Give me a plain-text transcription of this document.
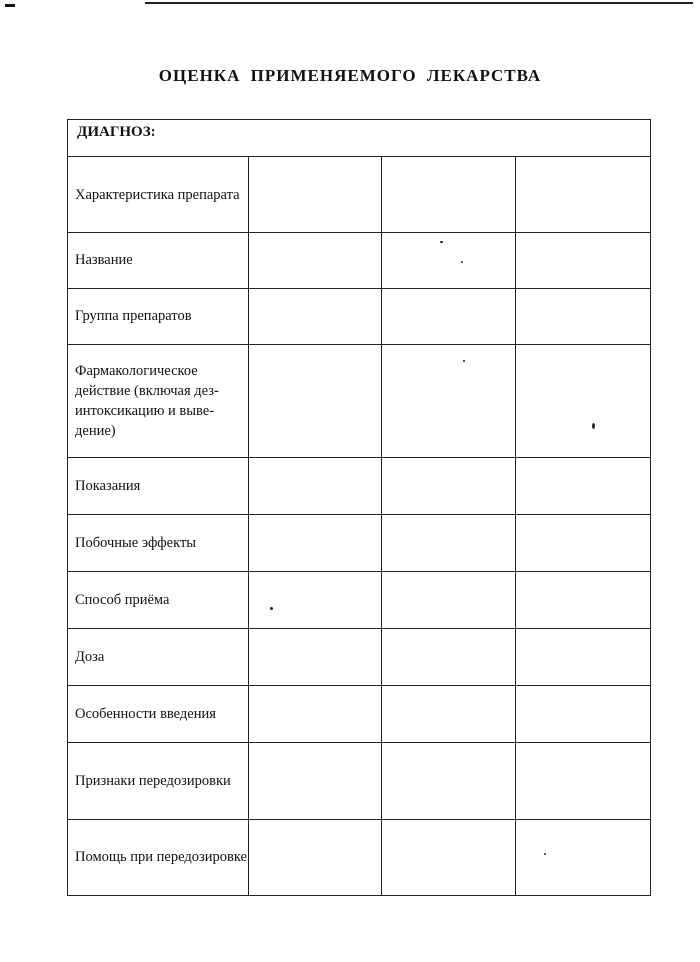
ОЦЕНКА ПРИМЕНЯЕМОГО ЛЕКАРСТВА
ДИАГНОЗ:
Характеристика препарата
Название
Группа препаратов
Фармакологическое действие (включая дез-интоксикацию и выве-дение)
Показания
Побочные эффекты
Способ приёма
Доза
Особенности введения
Признаки передозировки
Помощь при передозировке
